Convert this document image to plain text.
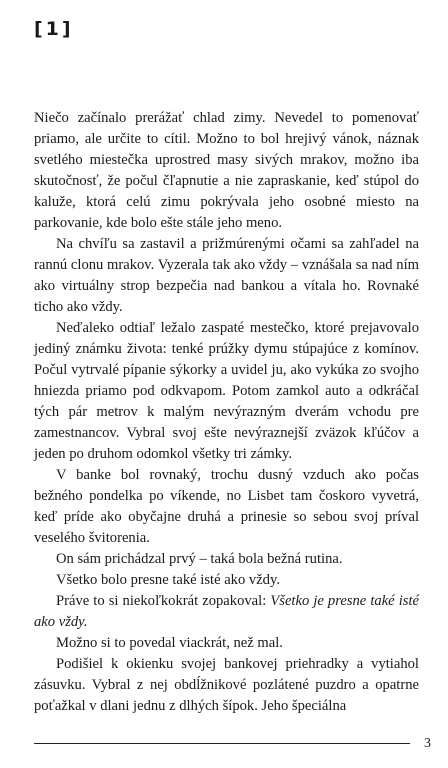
[1]

Niečo začínalo prerážať chlad zimy. Nevedel to pomenovať priamo, ale určite to cítil. Možno to bol hrejivý vánok, náznak svetlého miestečka uprostred masy sivých mrakov, možno iba skutočnosť, že počul čľapnutie a nie zapraskanie, keď stúpol do kaluže, ktorá celú zimu pokrývala jeho osobné miesto na parkovanie, kde bolo ešte stále jeho meno.

Na chvíľu sa zastavil a prižmúrenými očami sa zahľadel na rannú clonu mrakov. Vyzerala tak ako vždy – vznášala sa nad ním ako virtuálny strop bezpečia nad bankou a vítala ho. Rovnaké ticho ako vždy.

Neďaleko odtiaľ ležalo zaspaté mestečko, ktoré prejavovalo jediný známku života: tenké prúžky dymu stúpajúce z komínov. Počul vytrvalé pípanie sýkorky a uvidel ju, ako vykúka zo svojho hniezda priamo pod odkvapom. Potom zamkol auto a odkráčal tých pár metrov k malým nevýrazným dverám vchodu pre zamestnancov. Vybral svoj ešte nevýraznejší zväzok kľúčov a jeden po druhom odomkol všetky tri zámky.

V banke bol rovnaký, trochu dusný vzduch ako počas bežného pondelka po víkende, no Lisbet tam čoskoro vyvetrá, keď príde ako obyčajne druhá a prinesie so sebou svoj príval veselého švitorenia.

On sám prichádzal prvý – taká bola bežná rutina.

Všetko bolo presne také isté ako vždy.

Práve to si niekoľkokrát zopakoval: Všetko je presne také isté ako vždy.

Možno si to povedal viackrát, než mal.

Podišiel k okienku svojej bankovej priehradky a vytiahol zásuvku. Vybral z nej obdĺžnikové pozlátené puzdro a opatrne poťažkal v dlani jednu z dlhých šípok. Jeho špeciálna

3
